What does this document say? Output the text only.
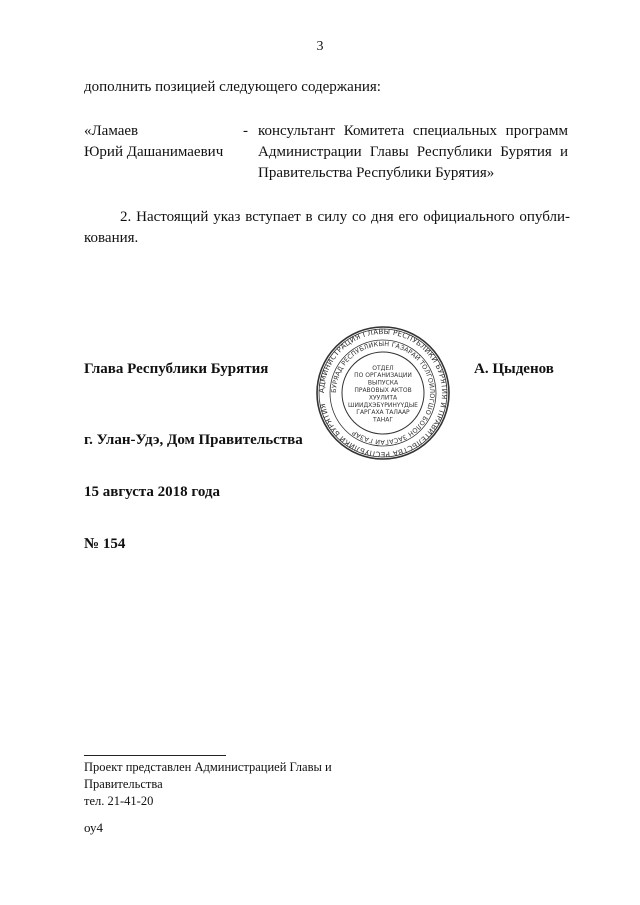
3
дополнить позицией следующего содержания:
«Ламаев
Юрий Дашанимаевич
- консультант Комитета специальных программ
Администрации Главы Республики Бурятия и
Правительства Республики Бурятия»
2. Настоящий указ вступает в силу со дня его официального опубли-кования.
Глава Республики Бурятия	А. Цыденов
АДМИНИСТРАЦИЯ ГЛАВЫ РЕСПУБЛИКИ БУРЯТИЯ И ПРАВИТЕЛЬСТВА РЕСПУБЛИКИ БУРЯТИЯ
БУРЯАД РЕСПУБЛИКЫН ГАЗАРАЙ ТОЛГОЙЛОГШО БОЛОН ЗАСАГАЙ ГАЗАР
ОТДЕЛ
ПО ОРГАНИЗАЦИИ
ВЫПУСКА
ПРАВОВЫХ АКТОВ
ХУУЛИТА
ШИИДХЭБҮРИНҮҮДЫЕ
ГАРГАХА ТАЛААР
ТАНАГ
г. Улан-Удэ, Дом Правительства
15 августа 2018 года
№ 154
Проект представлен Администрацией Главы и Правительства
тел. 21-41-20
оу4
